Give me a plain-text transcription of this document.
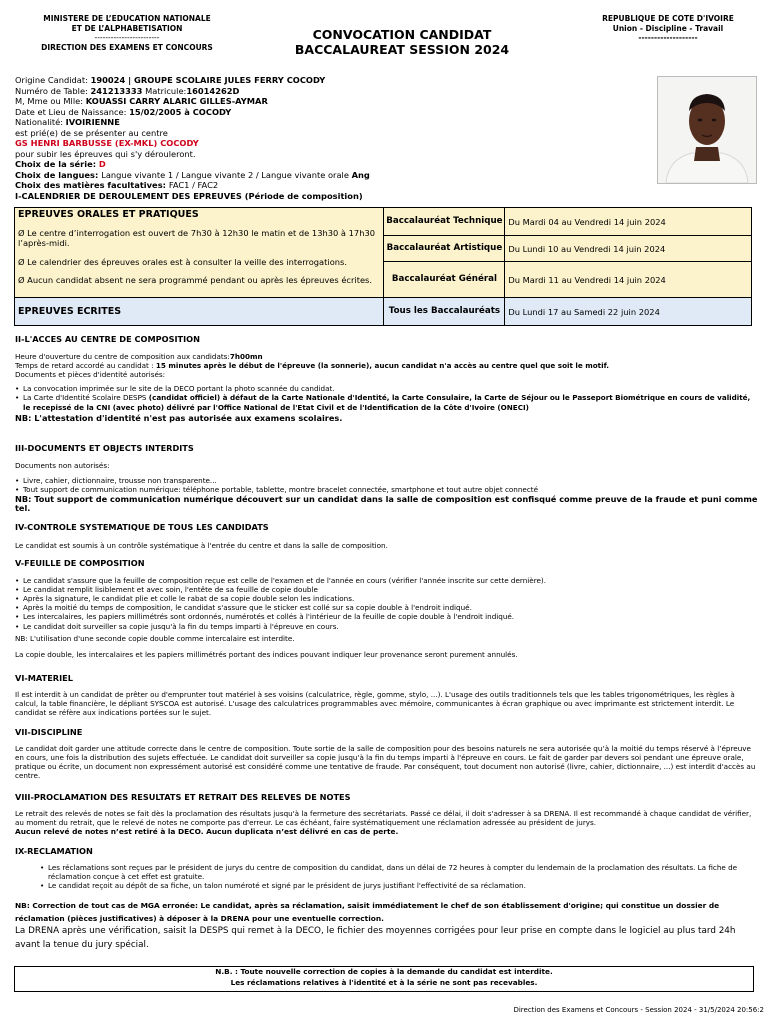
MINISTERE DE L’EDUCATION NATIONALE
ET DE L’ALPHABETISATION
------------------------
DIRECTION DES EXAMENS ET CONCOURS
CONVOCATION CANDIDAT
BACCALAUREAT SESSION 2024
REPUBLIQUE DE COTE D'IVOIRE
Union - Discipline - Travail
-------------------
Origine Candidat: 190024 | GROUPE SCOLAIRE JULES FERRY COCODY
Numéro de Table: 241213333 Matricule:16014262D
M, Mme ou Mlle: KOUASSI CARRY ALARIC GILLES-AYMAR
Date et Lieu de Naissance: 15/02/2005 à COCODY
Nationalité: IVOIRIENNE
est prié(e) de se présenter au centre
GS HENRI BARBUSSE (EX-MKL) COCODY
pour subir les épreuves qui s'y dérouleront.
Choix de la série: D
Choix de langues: Langue vivante 1 / Langue vivante 2 / Langue vivante orale Ang
Choix des matières facultatives: FAC1 / FAC2
I-CALENDRIER DE DEROULEMENT DES EPREUVES (Période de composition)
EPREUVES ORALES ET PRATIQUES
Ø Le centre d’interrogation est ouvert de 7h30 à 12h30 le matin et de 13h30 à 17h30 l’après-midi.
Ø Le calendrier des épreuves orales est à consulter la veille des interrogations.
Ø Aucun candidat absent ne sera programmé pendant ou après les épreuves écrites.	Baccalauréat Technique	Du Mardi 04 au Vendredi 14 juin 2024
	Baccalauréat Artistique	Du Lundi 10 au Vendredi 14 juin 2024
	Baccalauréat Général	Du Mardi 11 au Vendredi 14 juin 2024
EPREUVES ECRITES	Tous les Baccalauréats	Du Lundi 17 au Samedi 22 juin 2024
II-L'ACCES AU CENTRE DE COMPOSITION
Heure d'ouverture du centre de composition aux candidats:7h00mn
Temps de retard accordé au candidat : 15 minutes après le début de l'épreuve (la sonnerie), aucun candidat n'a accès au centre quel que soit le motif.
Documents et pièces d'identité autorisés:
• La convocation imprimée sur le site de la DECO portant la photo scannée du candidat.
• La Carte d'Identité Scolaire DESPS (candidat officiel) à défaut de la Carte Nationale d'Identité, la Carte Consulaire, la Carte de Séjour ou le Passeport Biométrique en cours de validité, le recepissé de la CNI (avec photo) délivré par l'Office National de l'Etat Civil et de l'Identification de la Côte d'Ivoire (ONECI)
NB: L'attestation d'identité n'est pas autorisée aux examens scolaires.
III-DOCUMENTS ET OBJECTS INTERDITS
Documents non autorisés:
• Livre, cahier, dictionnaire, trousse non transparente...
• Tout support de communication numérique: téléphone portable, tablette, montre bracelet connectée, smartphone et tout autre objet connecté
NB: Tout support de communication numérique découvert sur un candidat dans la salle de composition est confisqué comme preuve de la fraude et puni comme tel.
IV-CONTROLE SYSTEMATIQUE DE TOUS LES CANDIDATS
Le candidat est soumis à un contrôle systématique à l'entrée du centre et dans la salle de composition.
V-FEUILLE DE COMPOSITION
• Le candidat s'assure que la feuille de composition reçue est celle de l'examen et de l'année en cours (vérifier l'année inscrite sur cette dernière).
• Le candidat remplit lisiblement et avec soin, l'entête de sa feuille de copie double
• Après la signature, le candidat plie et colle le rabat de sa copie double selon les indications.
• Après la moitié du temps de composition, le candidat s'assure que le sticker est collé sur sa copie double à l'endroit indiqué.
• Les intercalaires, les papiers millimétrés sont ordonnés, numérotés et collés à l'intérieur de la feuille de copie double à l'endroit indiqué.
• Le candidat doit surveiller sa copie jusqu'à la fin du temps imparti à l'épreuve en cours.
NB: L'utilisation d'une seconde copie double comme intercalaire est interdite.
La copie double, les intercalaires et les papiers millimétrés portant des indices pouvant indiquer leur provenance seront purement annulés.
VI-MATERIEL
Il est interdit à un candidat de prêter ou d'emprunter tout matériel à ses voisins (calculatrice, règle, gomme, stylo, ...). L'usage des outils traditionnels tels que les tables trigonométriques, les règles à calcul, la table financière, le dépliant SYSCOA est autorisé. L'usage des calculatrices programmables avec mémoire, communicantes à écran graphique ou avec imprimante est strictement interdit. Le candidat se réfère aux indications portées sur le sujet.
VII-DISCIPLINE
Le candidat doit garder une attitude correcte dans le centre de composition. Toute sortie de la salle de composition pour des besoins naturels ne sera autorisée qu’à la moitié du temps réservé à l’épreuve en cours, une fois la distribution des sujets effectuée. Le candidat doit surveiller sa copie jusqu'à la fin du temps imparti à l'épreuve en cours. Le fait de garder par devers soi pendant une épreuve orale, pratique ou écrite, un document non expressément autorisé est considéré comme une tentative de fraude. Par conséquent, tout document non autorisé (livre, cahier, dictionnaire, ...) est interdit d'accès au centre.
VIII-PROCLAMATION DES RESULTATS ET RETRAIT DES RELEVES DE NOTES
Le retrait des relevés de notes se fait dès la proclamation des résultats jusqu'à la fermeture des secrétariats. Passé ce délai, il doit s'adresser à sa DRENA. Il est recommandé à chaque candidat de vérifier, au moment du retrait, que le relevé de notes ne comporte pas d'erreur. Le cas échéant, faire systématiquement une réclamation adressée au président de jurys.
Aucun relevé de notes n’est retiré à la DECO. Aucun duplicata n’est délivré en cas de perte.
IX-RECLAMATION
• Les réclamations sont reçues par le président de jurys du centre de composition du candidat, dans un délai de 72 heures à compter du lendemain de la proclamation des résultats. La fiche de réclamation conçue à cet effet est gratuite.
• Le candidat reçoit au dépôt de sa fiche, un talon numéroté et signé par le président de jurys justifiant l'effectivité de sa réclamation.
NB: Correction de tout cas de MGA erronée: Le candidat, après sa réclamation, saisit immédiatement le chef de son établissement d'origine; qui constitue un dossier de réclamation (pièces justificatives) à déposer à la DRENA pour une eventuelle correction.
La DRENA après une vérification, saisit la DESPS qui remet à la DECO, le fichier des moyennes corrigées pour leur prise en compte dans le logiciel au plus tard 24h avant la tenue du jury spécial.
N.B. : Toute nouvelle correction de copies à la demande du candidat est interdite.
Les réclamations relatives à l'identité et à la série ne sont pas recevables.
Direction des Examens et Concours - Session 2024 - 31/5/2024 20:56:2
